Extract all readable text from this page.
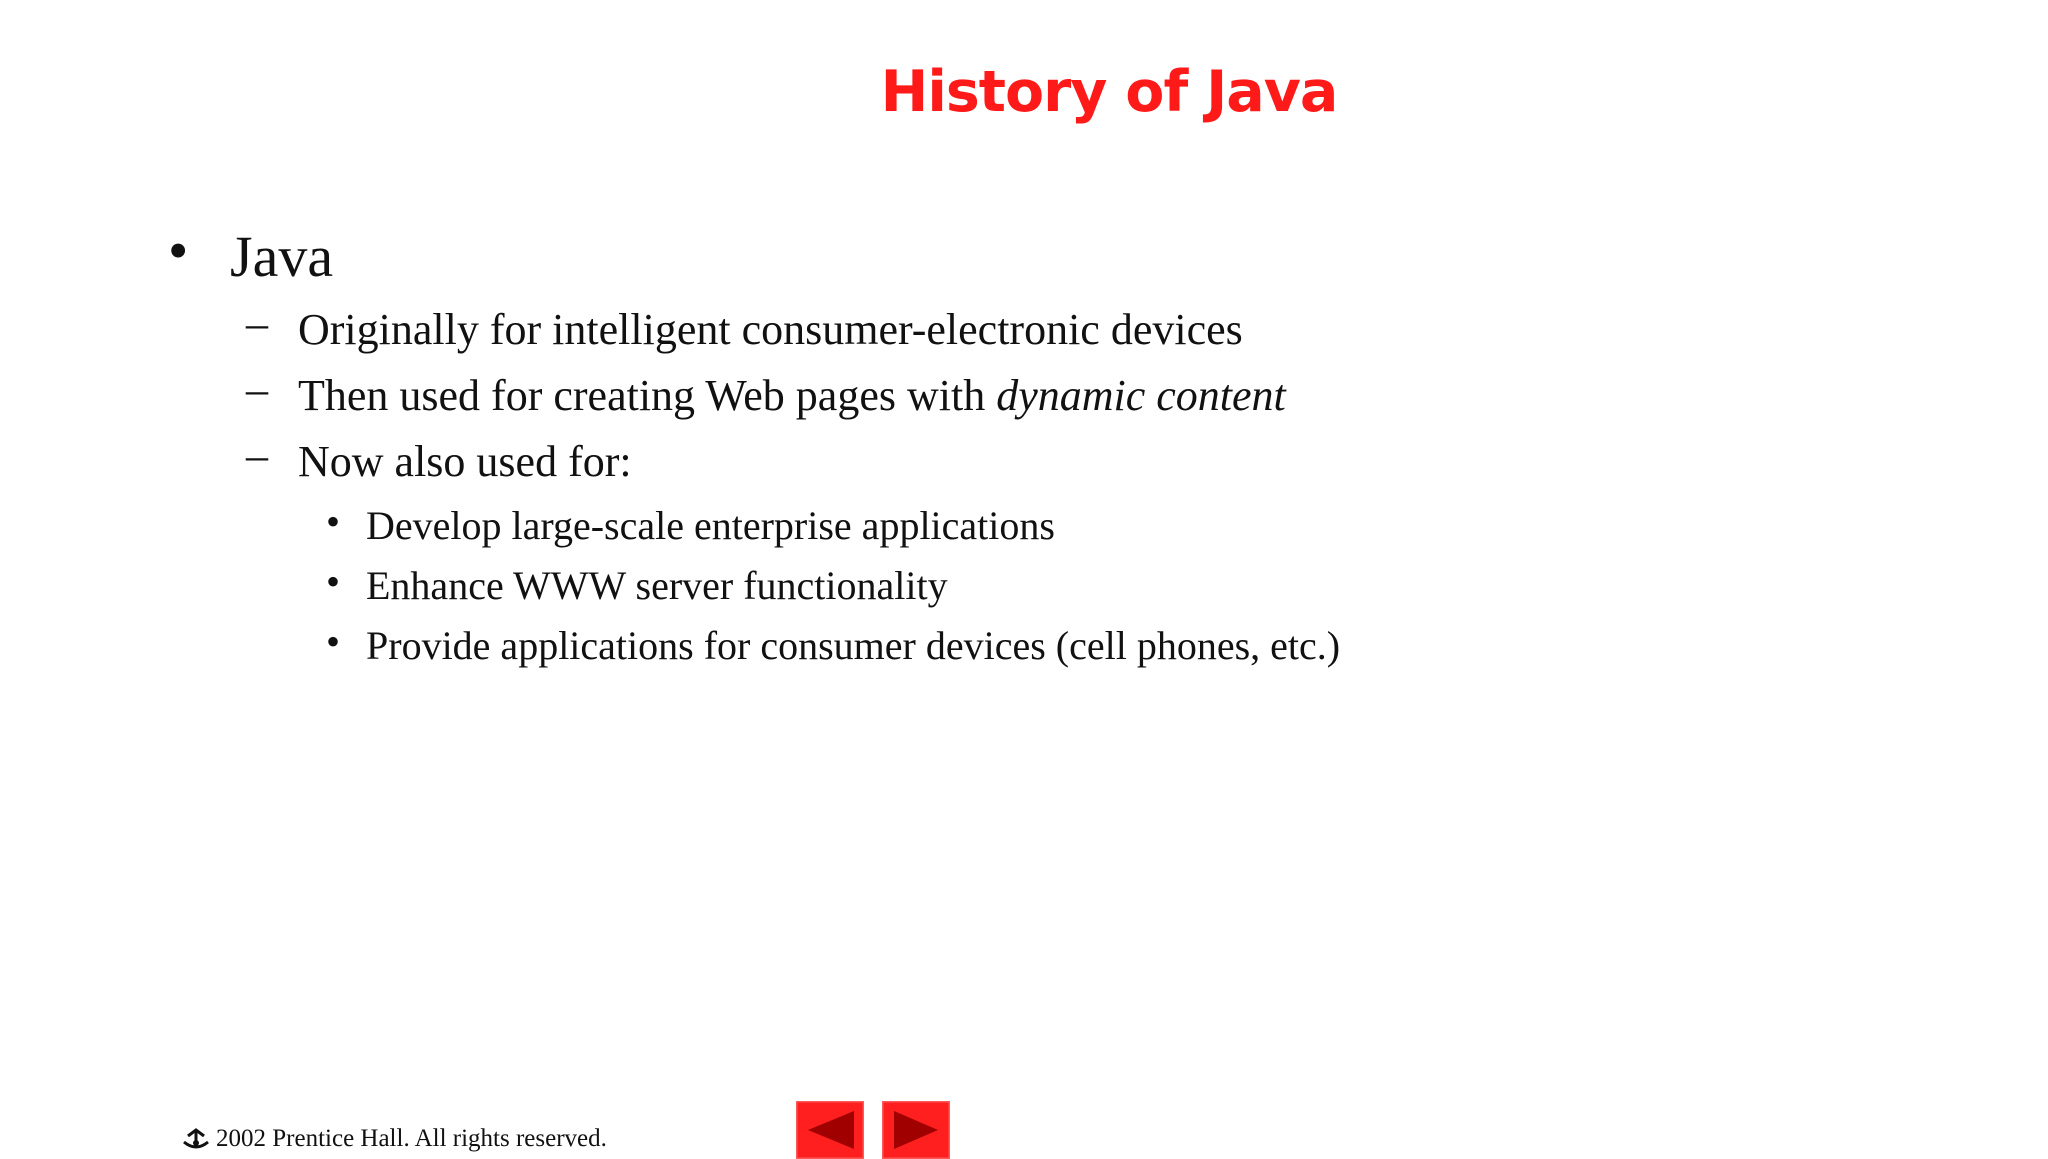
History of Java
• Java
– Originally for intelligent consumer-electronic devices
– Then used for creating Web pages with dynamic content
– Now also used for:
• Develop large-scale enterprise applications
• Enhance WWW server functionality
• Provide applications for consumer devices (cell phones, etc.)
2002 Prentice Hall. All rights reserved.
